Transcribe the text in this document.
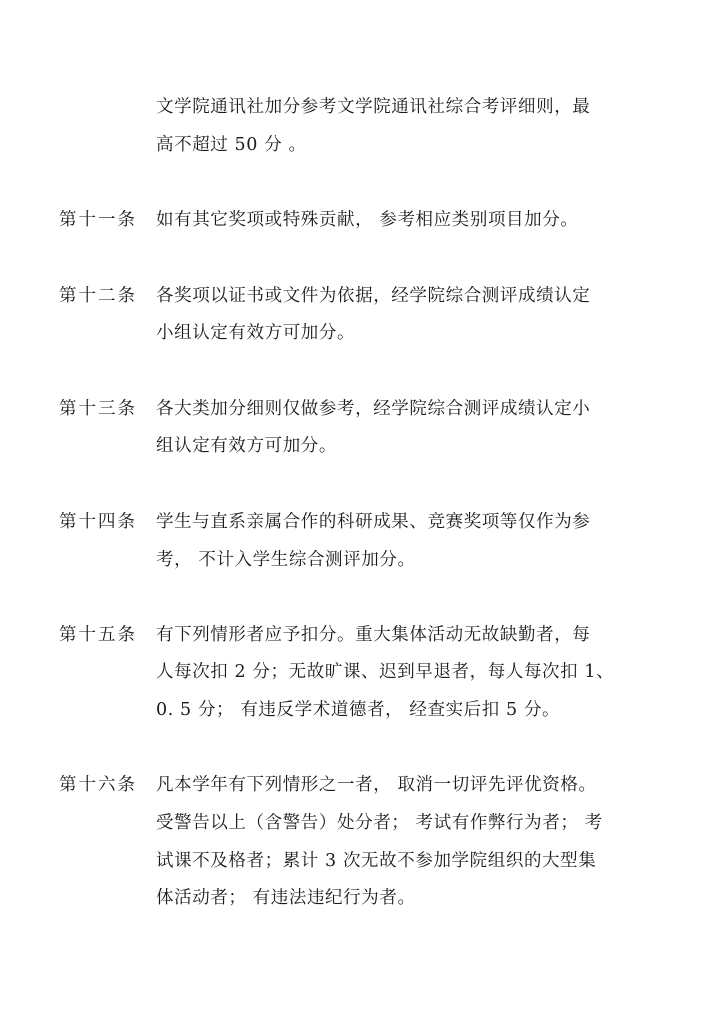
文学院通讯社加分参考文学院通讯社综合考评细则，最
高不超过 50 分 。
第十一条 如有其它奖项或特殊贡献， 参考相应类别项目加分。
第十二条 各奖项以证书或文件为依据，经学院综合测评成绩认定
小组认定有效方可加分。
第十三条 各大类加分细则仅做参考，经学院综合测评成绩认定小
组认定有效方可加分。
第十四条 学生与直系亲属合作的科研成果、竞赛奖项等仅作为参
考， 不计入学生综合测评加分。
第十五条 有下列情形者应予扣分。重大集体活动无故缺勤者，每
人每次扣 2 分；无故旷课、迟到早退者，每人每次扣 1、
0. 5 分； 有违反学术道德者， 经查实后扣 5 分。
第十六条 凡本学年有下列情形之一者， 取消一切评先评优资格。
受警告以上（含警告）处分者； 考试有作弊行为者； 考
试课不及格者；累计 3 次无故不参加学院组织的大型集
体活动者； 有违法违纪行为者。
